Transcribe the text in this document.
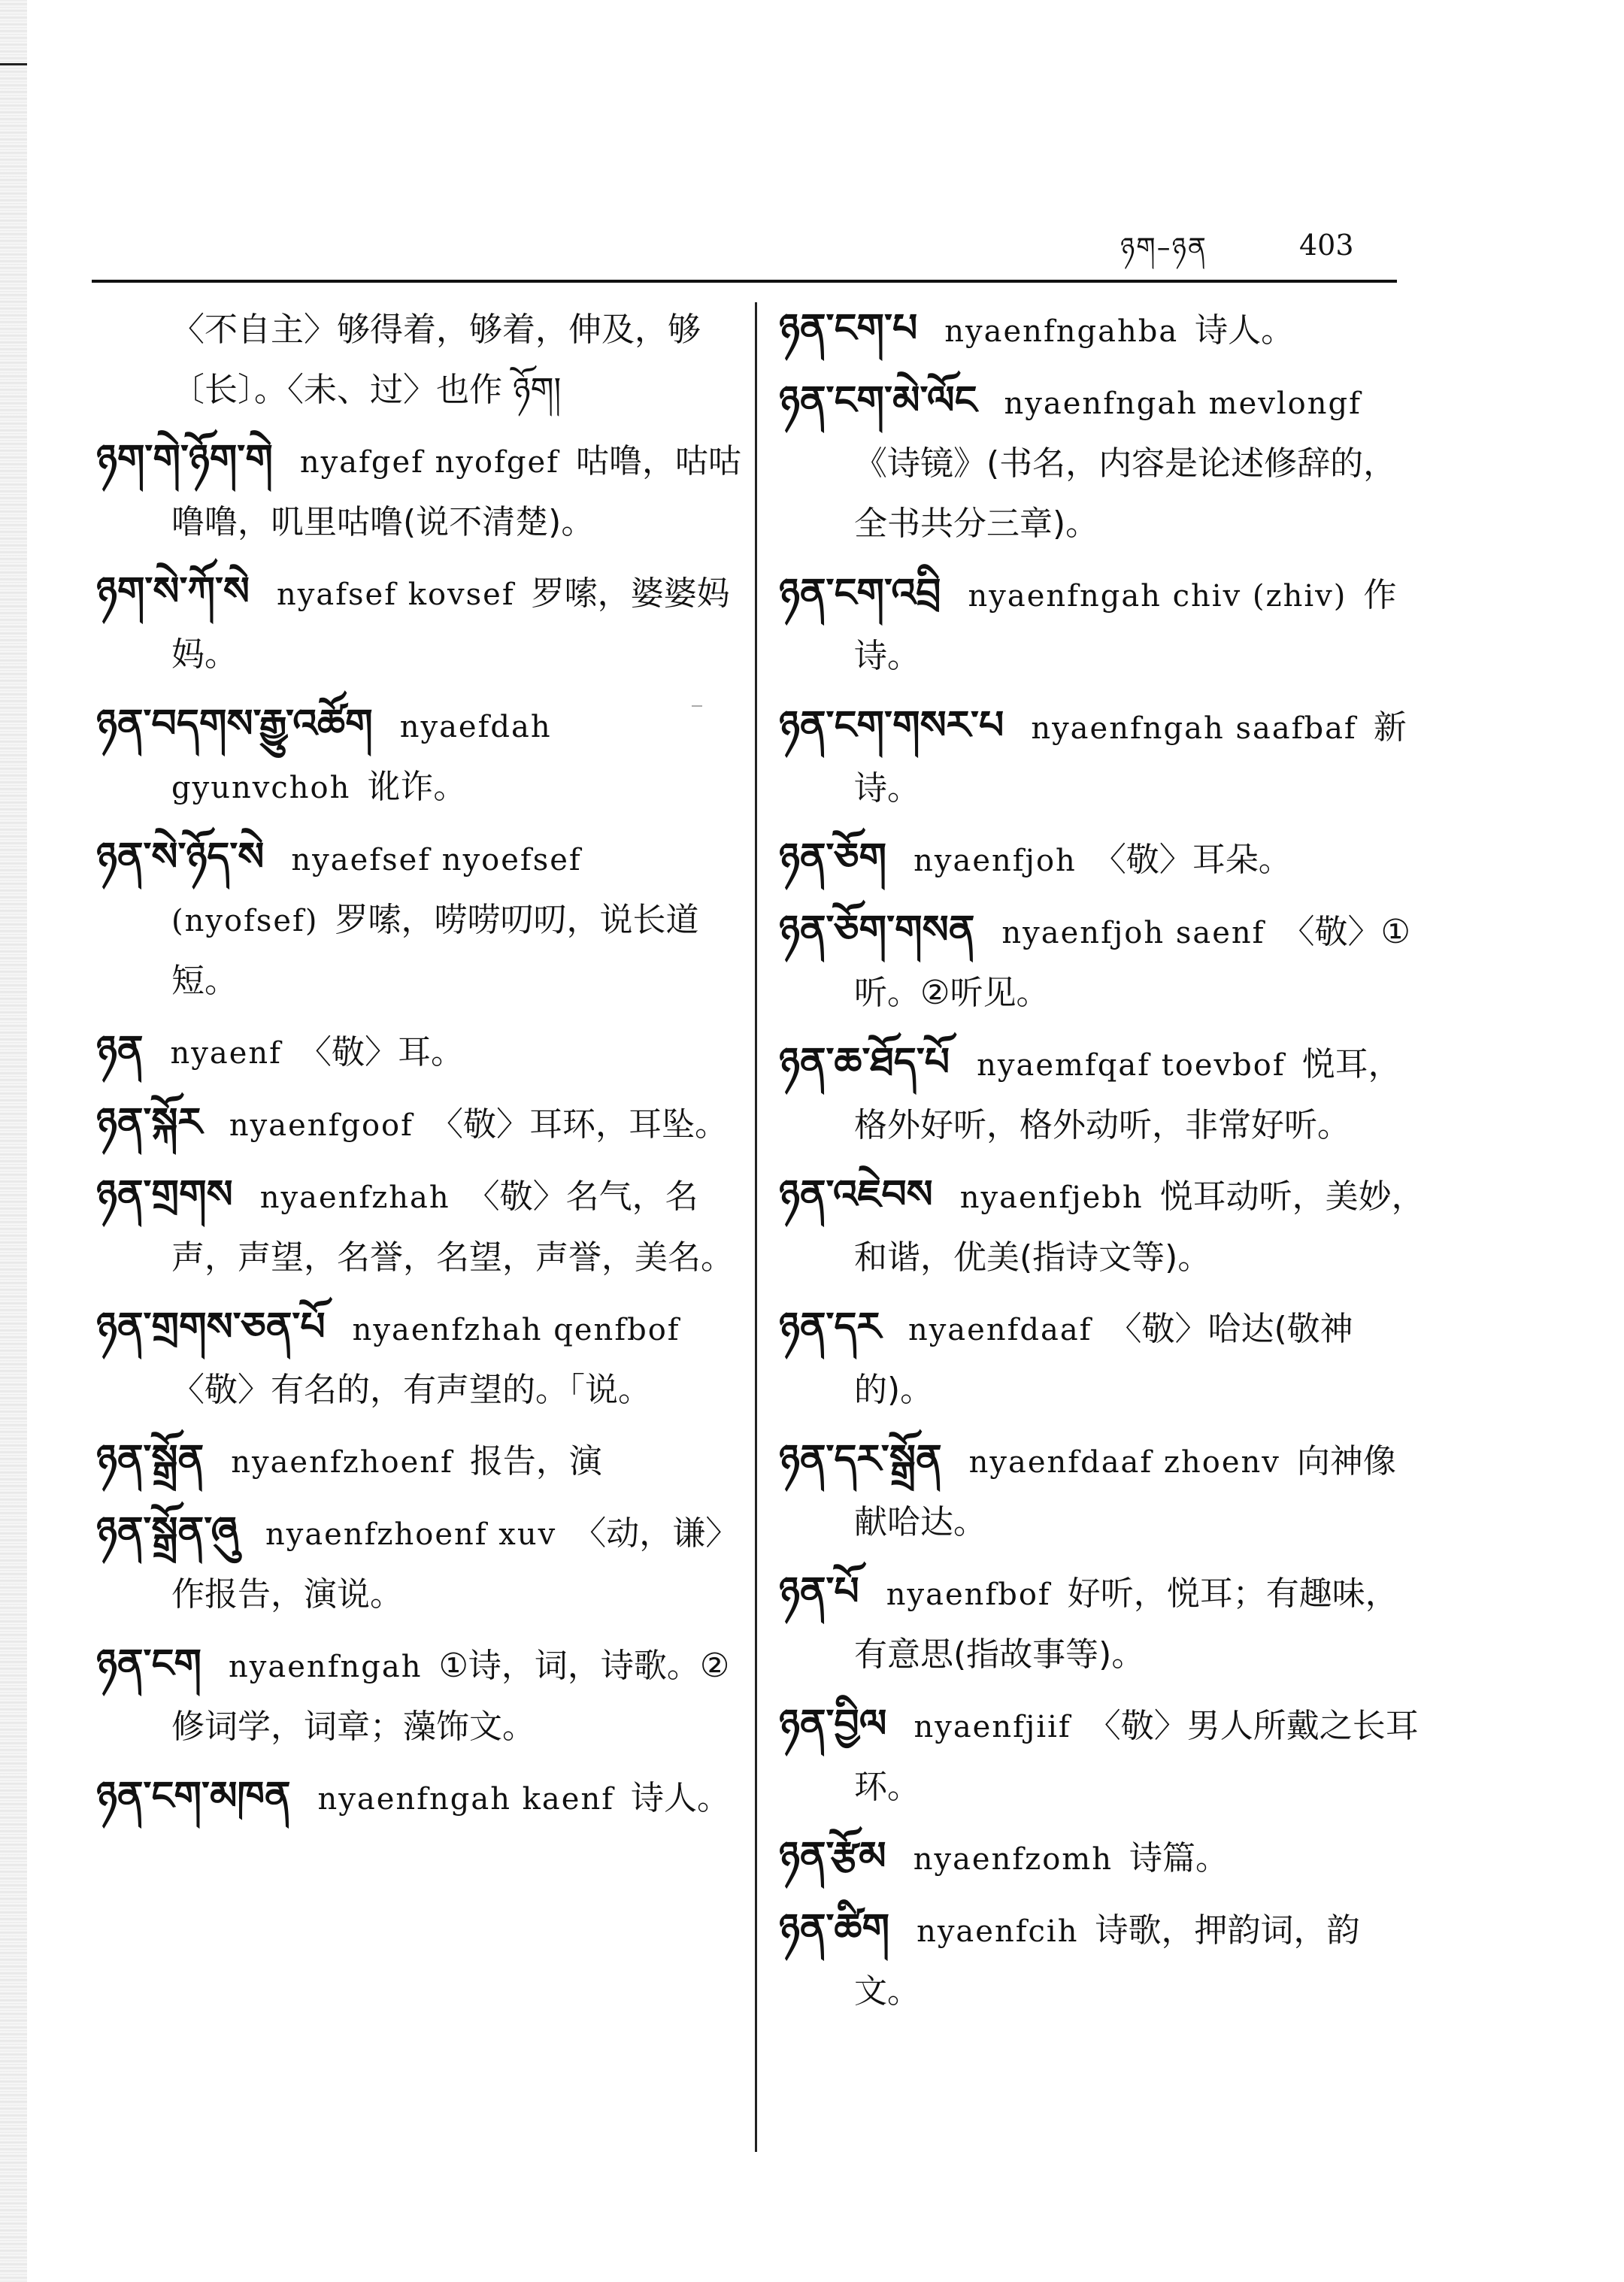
ཉག–ཉན	403
〈不自主〉够得着，够着，伸及，够〔长〕。〈未、过〉也作 ཉོག།
ཉག་གེ་ཉོག་གེ nyafgef nyofgef 咕噜，咕咕噜噜，叽里咕噜(说不清楚)。
ཉག་སེ་ཀོ་སེ nyafsef kovsef 罗嗦，婆婆妈妈。
ཉན་བདགས་རྒྱུ་འཚོག nyaefdah gyunvchoh 讹诈。
ཉན་སེ་ཉོད་སེ nyaefsef nyoefsef (nyofsef) 罗嗦，唠唠叨叨，说长道短。
ཉན nyaenf 〈敬〉耳。
ཉན་སྐོར nyaenfgoof 〈敬〉耳环，耳坠。
ཉན་གྲགས nyaenfzhah 〈敬〉名气，名声，声望，名誉，名望，声誉，美名。
ཉན་གྲགས་ཅན་པོ nyaenfzhah qenfbof〈敬〉有名的，有声望的。「说。
ཉན་སྒྲོན nyaenfzhoenf 报告，演
ཉན་སྒྲོན་ཞུ nyaenfzhoenf xuv 〈动，谦〉作报告，演说。
ཉན་ངག nyaenfngah ①诗，词，诗歌。②修词学，词章；藻饰文。
ཉན་ངག་མཁན nyaenfngah kaenf 诗人。
ཉན་ངག་པ nyaenfngahba 诗人。
ཉན་ངག་མེ་ལོང nyaenfngah mevlongf《诗镜》(书名，内容是论述修辞的，全书共分三章)。
ཉན་ངག་འབྲི nyaenfngah chiv (zhiv) 作诗。
ཉན་ངག་གསར་པ nyaenfngah saafbaf 新诗。
ཉན་ཅོག nyaenfjoh 〈敬〉耳朵。
ཉན་ཅོག་གསན nyaenfjoh saenf 〈敬〉①听。②听见。
ཉན་ཆ་ཐོད་པོ nyaemfqaf toevbof 悦耳，格外好听，格外动听，非常好听。
ཉན་འཇེབས nyaenfjebh 悦耳动听，美妙，和谐，优美(指诗文等)。
ཉན་དར nyaenfdaaf 〈敬〉哈达(敬神的)。
ཉན་དར་སྒྲོན nyaenfdaaf zhoenv 向神像献哈达。
ཉན་པོ nyaenfbof 好听，悦耳；有趣味，有意思(指故事等)。
ཉན་བྱིལ nyaenfjiif 〈敬〉男人所戴之长耳环。
ཉན་རྩོམ nyaenfzomh 诗篇。
ཉན་ཚིག nyaenfcih 诗歌，押韵词，韵文。
